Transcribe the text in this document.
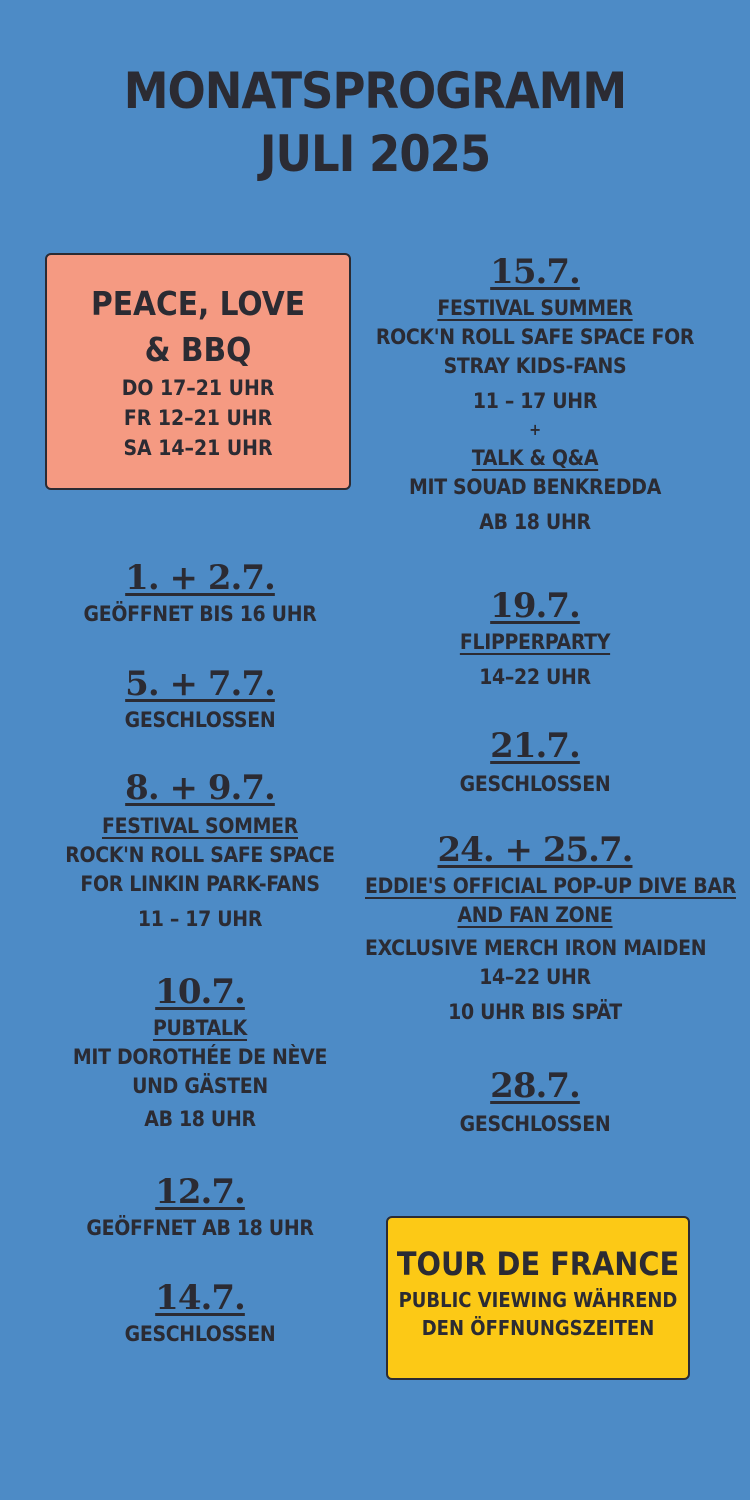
MONATSPROGRAMM
JULI 2025
PEACE, LOVE
& BBQ
DO 17–21 UHR
FR 12–21 UHR
SA 14–21 UHR
1. + 2.7.
GEÖFFNET BIS 16 UHR
5. + 7.7.
GESCHLOSSEN
8. + 9.7.
FESTIVAL SOMMER
ROCK'N ROLL SAFE SPACE
FOR LINKIN PARK-FANS
11 – 17 UHR
10.7.
PUBTALK
MIT DOROTHÉE DE NÈVE
UND GÄSTEN
AB 18 UHR
12.7.
GEÖFFNET AB 18 UHR
14.7.
GESCHLOSSEN
15.7.
FESTIVAL SUMMER
ROCK'N ROLL SAFE SPACE FOR
STRAY KIDS-FANS
11 – 17 UHR
+
TALK & Q&A
MIT SOUAD BENKREDDA
AB 18 UHR
19.7.
FLIPPERPARTY
14–22 UHR
21.7.
GESCHLOSSEN
24. + 25.7.
EDDIE'S OFFICIAL POP-UP DIVE BAR
AND FAN ZONE
EXCLUSIVE MERCH IRON MAIDEN
14–22 UHR
10 UHR BIS SPÄT
28.7.
GESCHLOSSEN
TOUR DE FRANCE
PUBLIC VIEWING WÄHREND
DEN ÖFFNUNGSZEITEN
